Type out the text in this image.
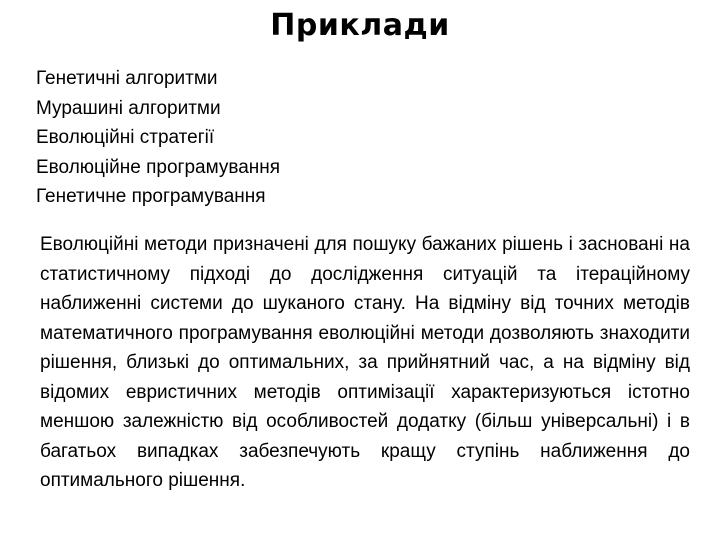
Приклади
Генетичні алгоритми
Мурашині алгоритми
Еволюційні стратегії
Еволюційне програмування
Генетичне програмування

Еволюційні методи призначені для пошуку бажаних рішень і засновані на статистичному підході до дослідження ситуацій та ітераційному наближенні системи до шуканого стану. На відміну від точних методів математичного програмування еволюційні методи дозволяють знаходити рішення, близькі до оптимальних, за прийнятний час, а на відміну від відомих евристичних методів оптимізації характеризуються істотно меншою залежністю від особливостей додатку (більш універсальні) і в багатьох випадках забезпечують кращу ступінь наближення до оптимального рішення.
